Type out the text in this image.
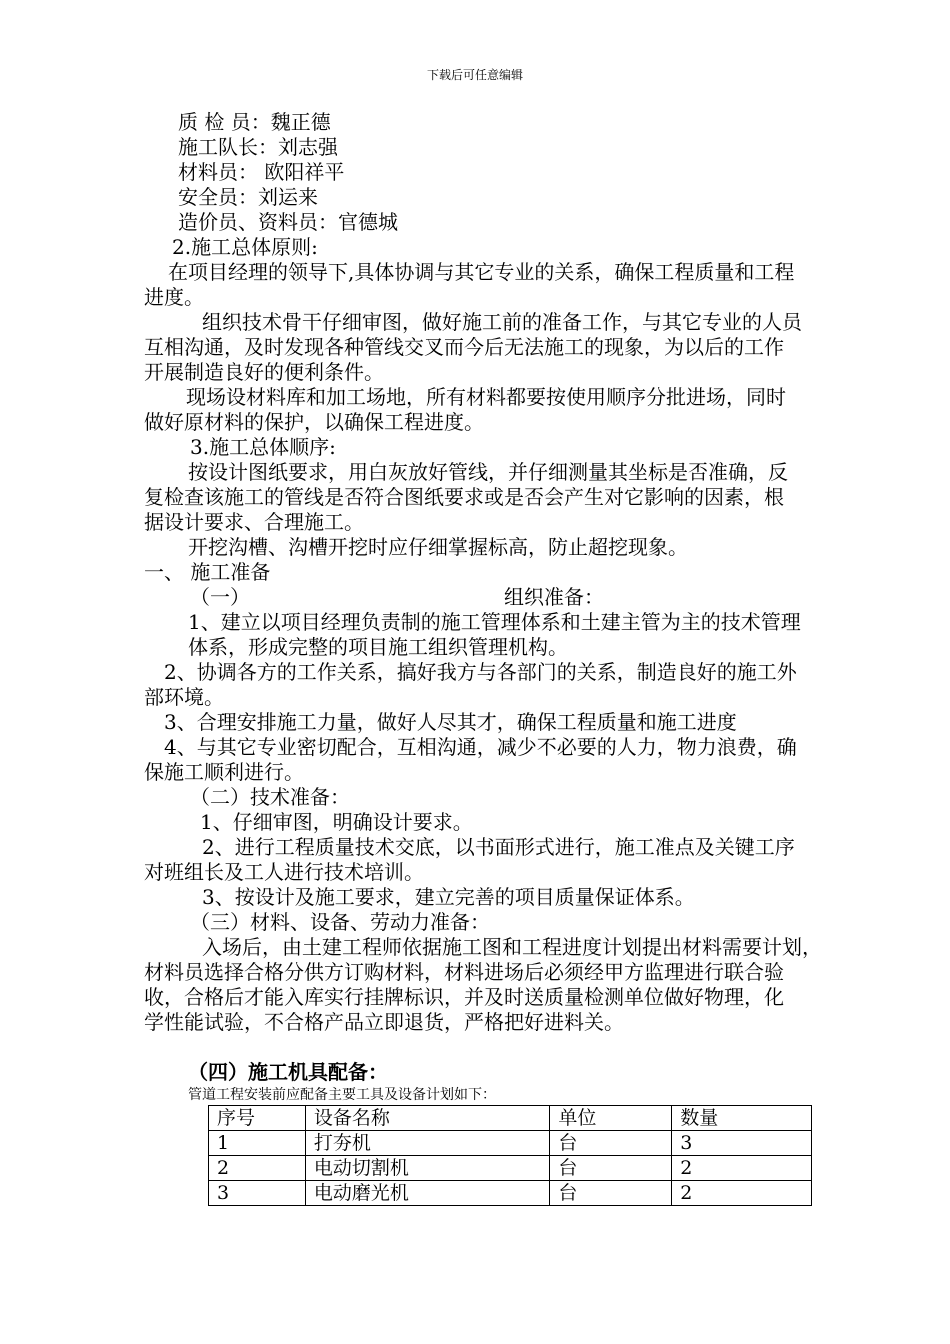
下载后可任意编辑
质 检 员：魏正德
施工队长：刘志强
材料员： 欧阳祥平
安全员：刘运来
造价员、资料员：官德城
2.施工总体原则:
在项目经理的领导下,具体协调与其它专业的关系，确保工程质量和工程
进度。
组织技术骨干仔细审图，做好施工前的准备工作，与其它专业的人员
互相沟通，及时发现各种管线交叉而今后无法施工的现象，为以后的工作
开展制造良好的便利条件。
现场设材料库和加工场地，所有材料都要按使用顺序分批进场，同时
做好原材料的保护，以确保工程进度。
3.施工总体顺序:
按设计图纸要求，用白灰放好管线，并仔细测量其坐标是否准确，反
复检查该施工的管线是否符合图纸要求或是否会产生对它影响的因素，根
据设计要求、合理施工。
开挖沟槽、沟槽开挖时应仔细掌握标高，防止超挖现象。
一、 施工准备
（一）	组织准备：
1、建立以项目经理负责制的施工管理体系和土建主管为主的技术管理
体系，形成完整的项目施工组织管理机构。
2、协调各方的工作关系，搞好我方与各部门的关系，制造良好的施工外
部环境。
3、合理安排施工力量，做好人尽其才，确保工程质量和施工进度
4、与其它专业密切配合，互相沟通，减少不必要的人力，物力浪费，确
保施工顺利进行。
（二）技术准备：
1、仔细审图，明确设计要求。
2、进行工程质量技术交底，以书面形式进行，施工准点及关键工序
对班组长及工人进行技术培训。
3、按设计及施工要求，建立完善的项目质量保证体系。
（三）材料、设备、劳动力准备：
入场后，由土建工程师依据施工图和工程进度计划提出材料需要计划，
材料员选择合格分供方订购材料，材料进场后必须经甲方监理进行联合验
收，合格后才能入库实行挂牌标识，并及时送质量检测单位做好物理，化
学性能试验，不合格产品立即退货，严格把好进料关。
（四）施工机具配备：
管道工程安装前应配备主要工具及设备计划如下：
序号	设备名称	单位	数量
1	打夯机	台	3
2	电动切割机	台	2
3	电动磨光机	台	2
